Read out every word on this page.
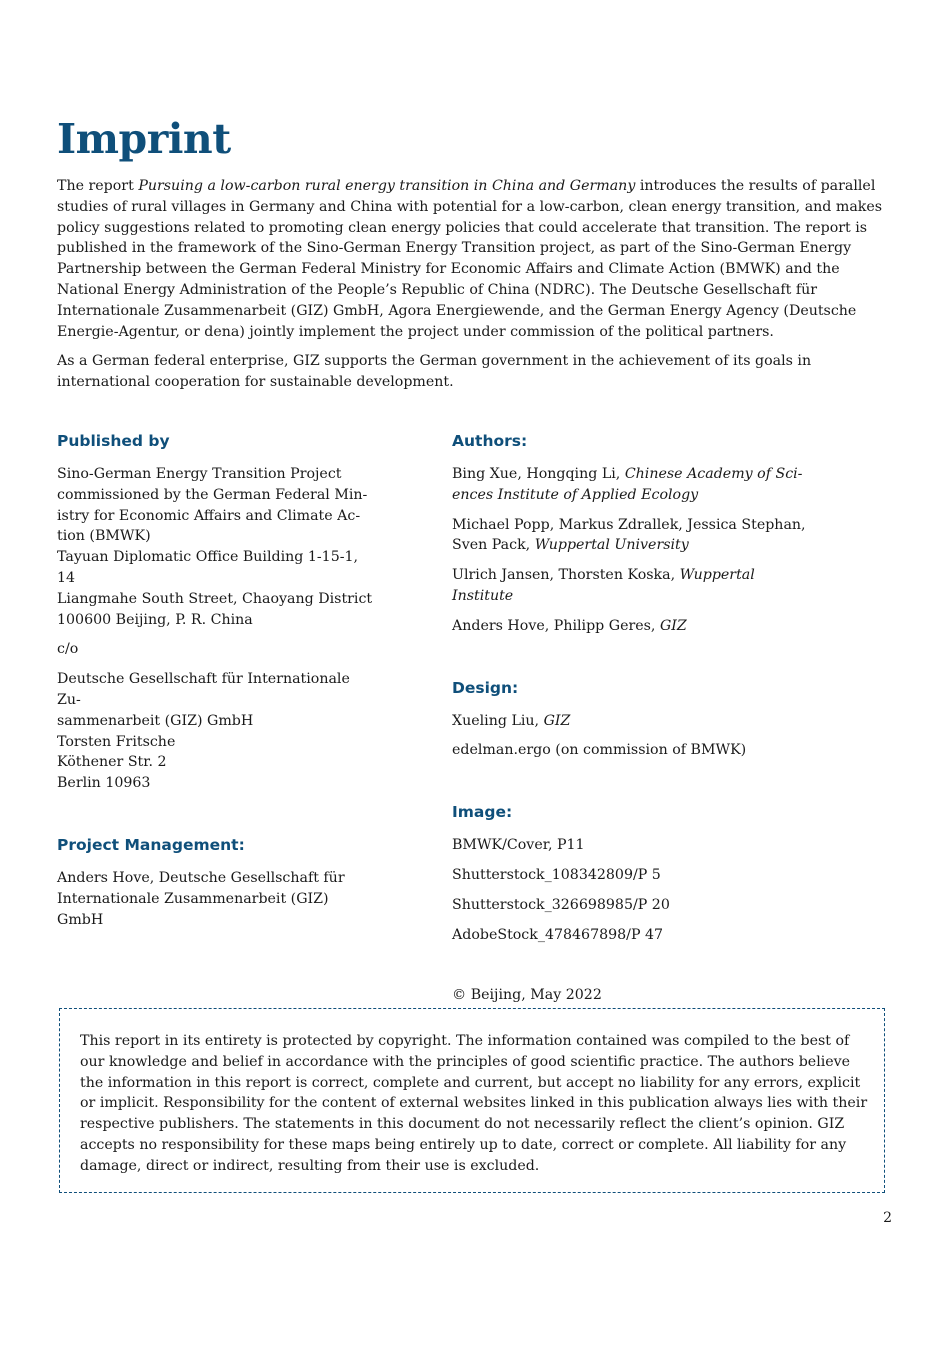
Imprint

The report Pursuing a low-carbon rural energy transition in China and Germany introduces the results of parallel studies of rural villages in Germany and China with potential for a low-carbon, clean energy transition, and makes policy suggestions related to promoting clean energy policies that could accelerate that transition. The report is published in the framework of the Sino-German Energy Transition project, as part of the Sino-German Energy Partnership between the German Federal Ministry for Economic Affairs and Climate Action (BMWK) and the National Energy Administration of the People’s Republic of China (NDRC). The Deutsche Gesellschaft für Internationale Zusammenarbeit (GIZ) GmbH, Agora Energiewende, and the German Energy Agency (Deutsche Energie-Agentur, or dena) jointly implement the project under commission of the political partners.

As a German federal enterprise, GIZ supports the German government in the achievement of its goals in international cooperation for sustainable development.

Published by

Sino-German Energy Transition Project
commissioned by the German Federal Min-
istry for Economic Affairs and Climate Ac-
tion (BMWK)
Tayuan Diplomatic Office Building 1-15-1, 14
Liangmahe South Street, Chaoyang District
100600 Beijing, P. R. China

c/o

Deutsche Gesellschaft für Internationale Zu-
sammenarbeit (GIZ) GmbH
Torsten Fritsche
Köthener Str. 2
Berlin 10963

Project Management:

Anders Hove, Deutsche Gesellschaft für
Internationale Zusammenarbeit (GIZ) GmbH

Authors:

Bing Xue, Hongqing Li, Chinese Academy of Sci-
ences Institute of Applied Ecology

Michael Popp, Markus Zdrallek, Jessica Stephan,
Sven Pack, Wuppertal University

Ulrich Jansen, Thorsten Koska, Wuppertal Institute

Anders Hove, Philipp Geres, GIZ

Design:

Xueling Liu, GIZ

edelman.ergo (on commission of BMWK)

Image:

BMWK/Cover, P11

Shutterstock_108342809/P 5

Shutterstock_326698985/P 20

AdobeStock_478467898/P 47

© Beijing, May 2022

This report in its entirety is protected by copyright. The information contained was compiled to the best of our knowledge and belief in accordance with the principles of good scientific practice. The authors believe the information in this report is correct, complete and current, but accept no liability for any errors, explicit or implicit. Responsibility for the content of external websites linked in this publication always lies with their respective publishers. The statements in this document do not necessarily reflect the client’s opinion. GIZ accepts no responsibility for these maps being entirely up to date, correct or complete. All liability for any damage, direct or indirect, resulting from their use is excluded.
2
